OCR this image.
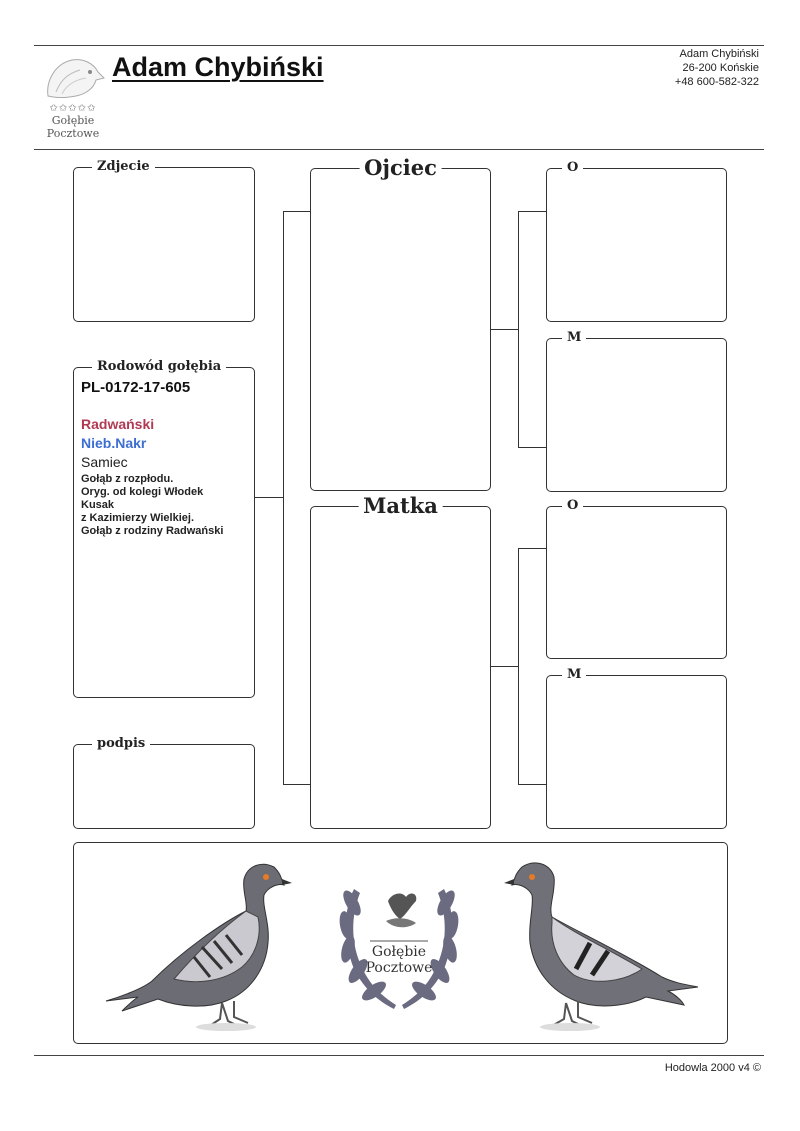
✩✩✩✩✩
Gołębie
Pocztowe
Adam Chybiński	Adam Chybiński
26-200 Końskie
+48 600-582-322
Zdjecie
Rodowód gołębia
PL-0172-17-605
Radwański
Nieb.Nakr
Samiec
Gołąb z rozpłodu.
Oryg. od kolegi Włodek
Kusak
z Kazimierzy Wielkiej.
Gołąb z rodziny Radwański
podpis
Ojciec
Matka
O
M
O
M
Gołębie
Pocztowe
Hodowla 2000 v4 ©
